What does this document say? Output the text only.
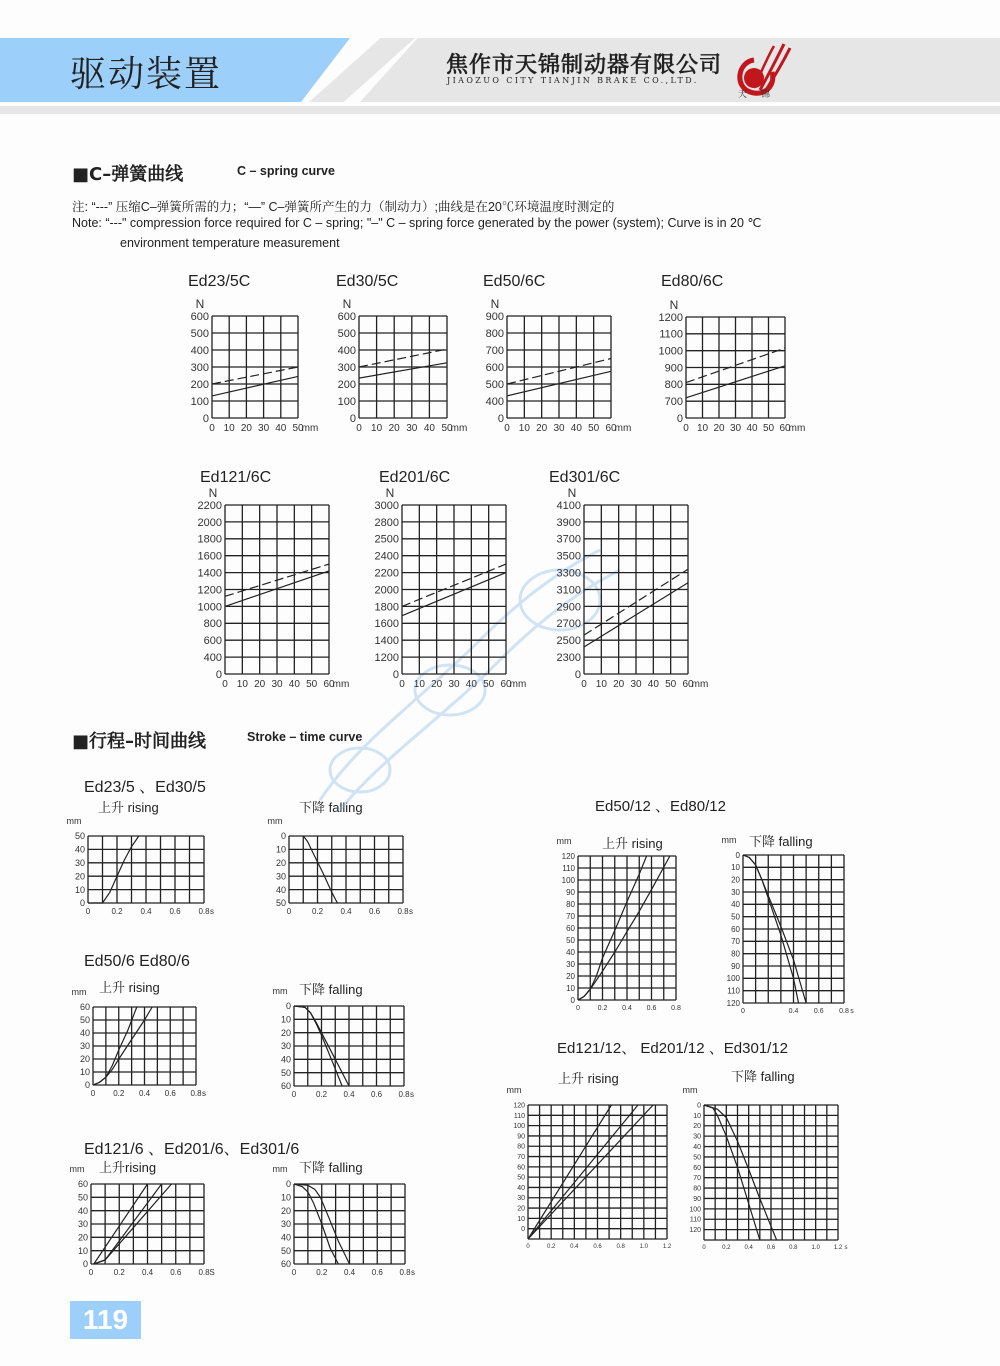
驱动装置	焦作市天锦制动器有限公司
JIAOZUO CITY TIANJIN BRAKE CO.,LTD.
天锦
■C–弹簧曲线	C – spring curve
注: “---” 压缩C–弹簧所需的力；“—” C–弹簧所产生的力（制动力）;曲线是在20℃环境温度时测定的
Note: “---" compression force required for C – spring; "–" C – spring force generated by the power (system); Curve is in 20 ℃
environment temperature measurement
Ed23/5C	Ed30/5C	Ed50/6C	Ed80/6C
Ed121/6C	Ed201/6C	Ed301/6C
■行程–时间曲线	Stroke – time curve
Ed23/5 、Ed30/5
上升 rising	下降 falling
Ed50/6 Ed80/6
上升 rising	下降 falling
Ed121/6 、Ed201/6、Ed301/6
上升rising	下降 falling
Ed50/12 、Ed80/12
上升 rising	下降 falling
Ed121/12、 Ed201/12 、Ed301/12
上升 rising	下降 falling
0
100
200
300
400
500
600
N
0 10 20 30 40 50
mm
0
100
200
300
400
500
600
N
0 10 20 30 40 50
mm
0
400
500
600
700
800
900
N
0 10 20 30 40 50 60
mm
0
700
800
900
1000
1100
1200
N
0 10 20 30 40 50 60
mm
0
400
600
800
1000
1200
1400
1600
1800
2000
2200
N
0 10 20 30 40 50 60
mm
0
1200
1400
1600
1800
2000
2200
2400
2500
2800
3000
N
0 10 20 30 40 50 60
mm
0
2300
2500
2700
2900
3100
3300
3500
3700
3900
4100
N
0 10 20 30 40 50 60
mm
0
10
20
30
40
50
mm
0	0.2 0.4 0.6 0.8 s
0
10
20
30
40
50
mm
0	0.2 0.4 0.6 0.8 s
0
10
20
30
40
50
60
mm
0 0.2 0.4 0.6 0.8 s
0
10
20
30
40
50
60
mm
0 0.2 0.4 0.6 0.8 s
0
10
20
30
40
50
60
mm
0	0.2 0.4 0.6 0.8 S
0
10
20
30
40
50
60
mm
0 0.2 0.4 0.6 0.8 s
0
10
20
30
40
50
60
70
80
90
100
110
120
mm
0	0.2 0.4 0.6 0.8
0
10
20
30
40
50
60
70
80
90
100
110
120
mm
0	0.4 0.6 0.8 s
0
10
20
30
40
50
60
70
80
90
100
110
120
mm
0	0.2 0.4 0.6 0.8 1.0 1.2
0
10
20
30
40
50
60
70
80
90
100
110
120
mm
0	0.2 0.4 0.6 0.8 1.0 1.2 s
119
